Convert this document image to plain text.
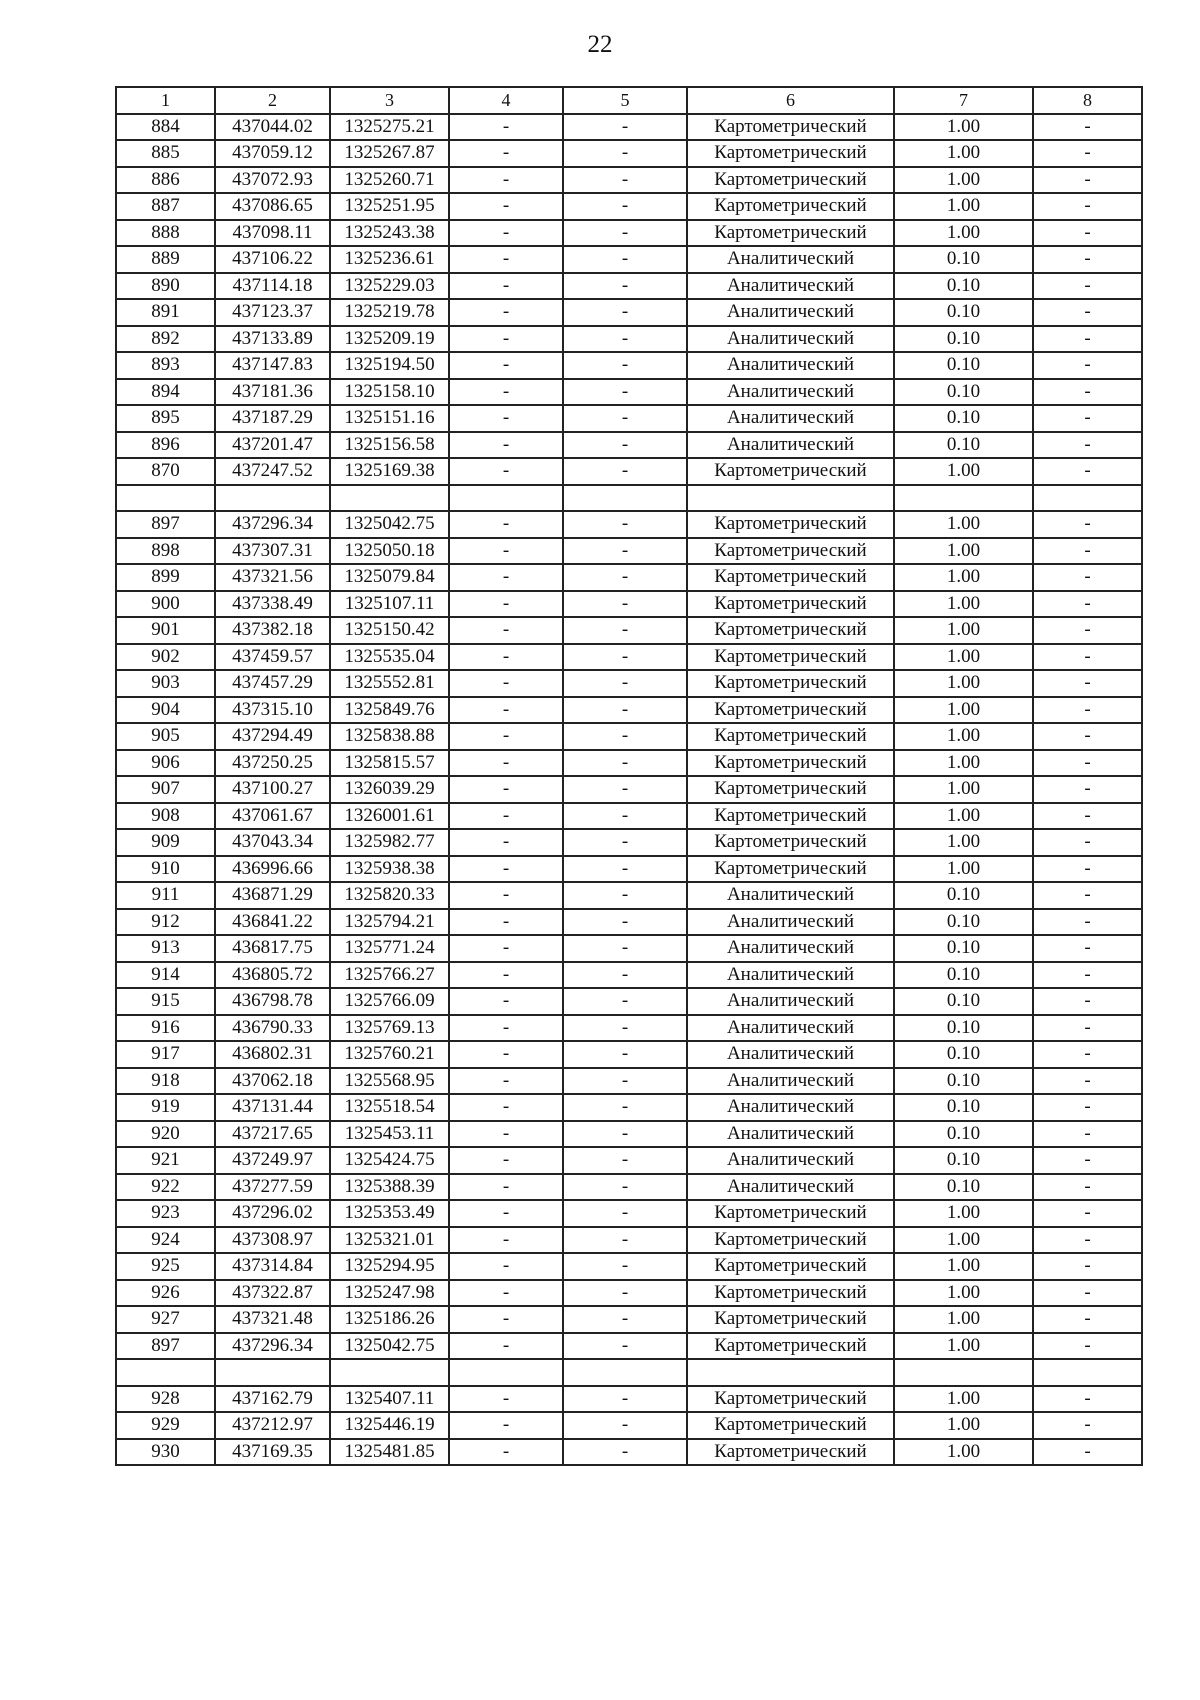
22
1	2	3	4	5	6	7	8
884	437044.02	1325275.21	-	-	Картометрический	1.00	-
885	437059.12	1325267.87	-	-	Картометрический	1.00	-
886	437072.93	1325260.71	-	-	Картометрический	1.00	-
887	437086.65	1325251.95	-	-	Картометрический	1.00	-
888	437098.11	1325243.38	-	-	Картометрический	1.00	-
889	437106.22	1325236.61	-	-	Аналитический	0.10	-
890	437114.18	1325229.03	-	-	Аналитический	0.10	-
891	437123.37	1325219.78	-	-	Аналитический	0.10	-
892	437133.89	1325209.19	-	-	Аналитический	0.10	-
893	437147.83	1325194.50	-	-	Аналитический	0.10	-
894	437181.36	1325158.10	-	-	Аналитический	0.10	-
895	437187.29	1325151.16	-	-	Аналитический	0.10	-
896	437201.47	1325156.58	-	-	Аналитический	0.10	-
870	437247.52	1325169.38	-	-	Картометрический	1.00	-

897	437296.34	1325042.75	-	-	Картометрический	1.00	-
898	437307.31	1325050.18	-	-	Картометрический	1.00	-
899	437321.56	1325079.84	-	-	Картометрический	1.00	-
900	437338.49	1325107.11	-	-	Картометрический	1.00	-
901	437382.18	1325150.42	-	-	Картометрический	1.00	-
902	437459.57	1325535.04	-	-	Картометрический	1.00	-
903	437457.29	1325552.81	-	-	Картометрический	1.00	-
904	437315.10	1325849.76	-	-	Картометрический	1.00	-
905	437294.49	1325838.88	-	-	Картометрический	1.00	-
906	437250.25	1325815.57	-	-	Картометрический	1.00	-
907	437100.27	1326039.29	-	-	Картометрический	1.00	-
908	437061.67	1326001.61	-	-	Картометрический	1.00	-
909	437043.34	1325982.77	-	-	Картометрический	1.00	-
910	436996.66	1325938.38	-	-	Картометрический	1.00	-
911	436871.29	1325820.33	-	-	Аналитический	0.10	-
912	436841.22	1325794.21	-	-	Аналитический	0.10	-
913	436817.75	1325771.24	-	-	Аналитический	0.10	-
914	436805.72	1325766.27	-	-	Аналитический	0.10	-
915	436798.78	1325766.09	-	-	Аналитический	0.10	-
916	436790.33	1325769.13	-	-	Аналитический	0.10	-
917	436802.31	1325760.21	-	-	Аналитический	0.10	-
918	437062.18	1325568.95	-	-	Аналитический	0.10	-
919	437131.44	1325518.54	-	-	Аналитический	0.10	-
920	437217.65	1325453.11	-	-	Аналитический	0.10	-
921	437249.97	1325424.75	-	-	Аналитический	0.10	-
922	437277.59	1325388.39	-	-	Аналитический	0.10	-
923	437296.02	1325353.49	-	-	Картометрический	1.00	-
924	437308.97	1325321.01	-	-	Картометрический	1.00	-
925	437314.84	1325294.95	-	-	Картометрический	1.00	-
926	437322.87	1325247.98	-	-	Картометрический	1.00	-
927	437321.48	1325186.26	-	-	Картометрический	1.00	-
897	437296.34	1325042.75	-	-	Картометрический	1.00	-

928	437162.79	1325407.11	-	-	Картометрический	1.00	-
929	437212.97	1325446.19	-	-	Картометрический	1.00	-
930	437169.35	1325481.85	-	-	Картометрический	1.00	-
